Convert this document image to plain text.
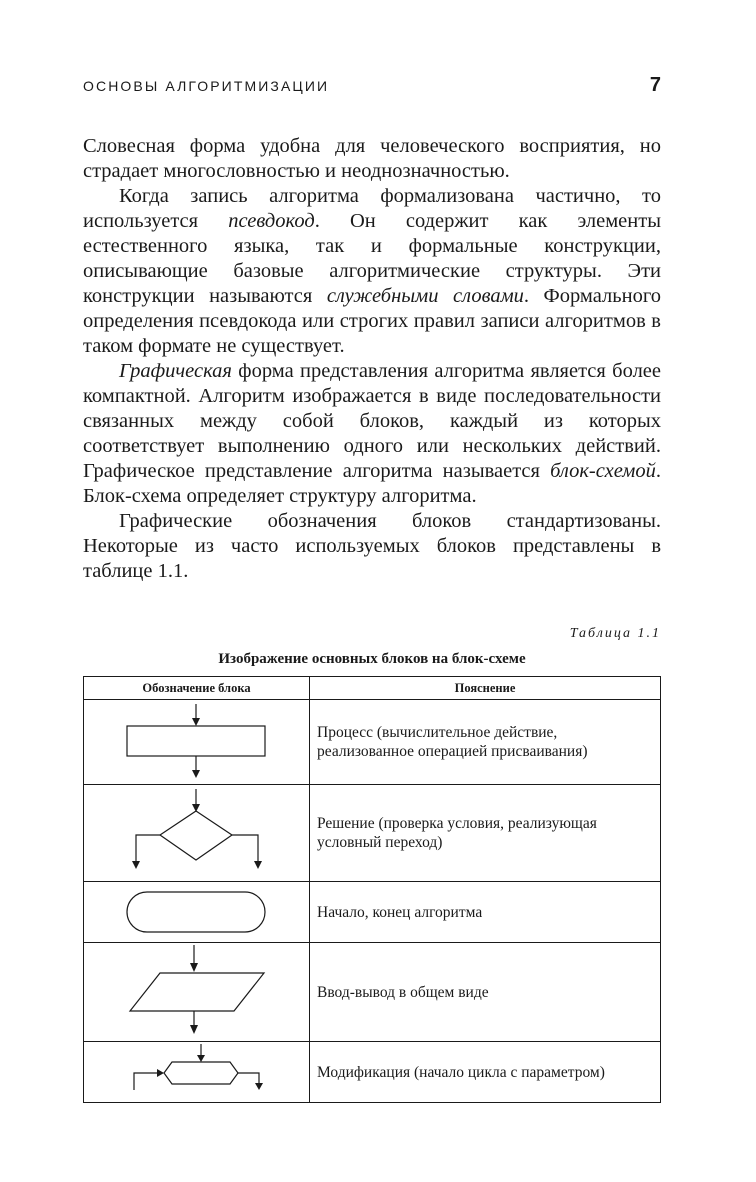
ОСНОВЫ АЛГОРИТМИЗАЦИИ	7

Словесная форма удобна для человеческого восприятия, но страдает многословностью и неоднозначностью.

Когда запись алгоритма формализована частично, то используется псевдокод. Он содержит как элементы естественного языка, так и формальные конструкции, описывающие базовые алгоритмические структуры. Эти конструкции называются служебными словами. Формального определения псевдокода или строгих правил записи алгоритмов в таком формате не существует.

Графическая форма представления алгоритма является более компактной. Алгоритм изображается в виде последовательности связанных между собой блоков, каждый из которых соответствует выполнению одного или нескольких действий. Графическое представление алгоритма называется блок-схемой. Блок-схема определяет структуру алгоритма.

Графические обозначения блоков стандартизованы. Некоторые из часто используемых блоков представлены в таблице 1.1.

Таблица 1.1
Изображение основных блоков на блок-схеме
Обозначение блока	Пояснение

	Процесс (вычислительное действие, реализованное операцией присваивания)

	Решение (проверка условия, реализующая условный переход)

	Начало, конец алгоритма

	Ввод-вывод в общем виде

	Модификация (начало цикла с параметром)
